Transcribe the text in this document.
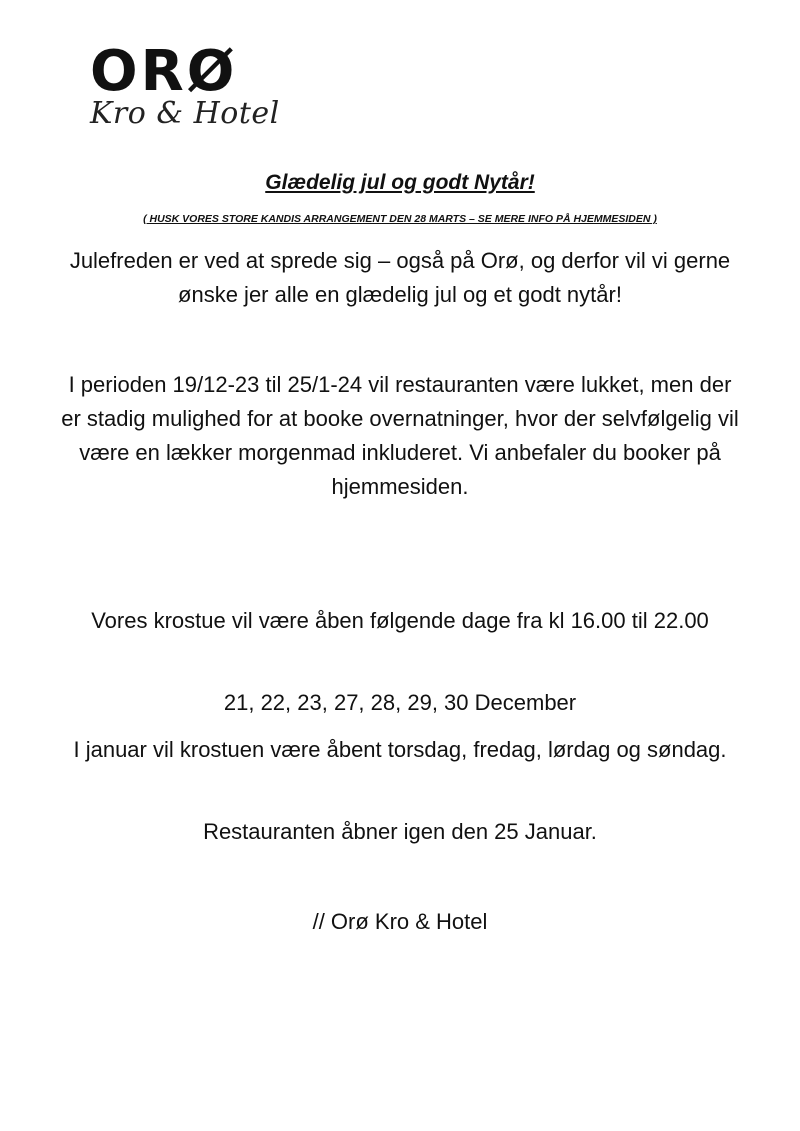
ORØ
Kro & Hotel
Glædelig jul og godt Nytår!
( HUSK VORES STORE KANDIS ARRANGEMENT DEN 28 MARTS – SE MERE INFO PÅ HJEMMESIDEN )

Julefreden er ved at sprede sig – også på Orø, og derfor vil vi gerne ønske jer alle en glædelig jul og et godt nytår!

I perioden 19/12-23 til 25/1-24 vil restauranten være lukket, men der er stadig mulighed for at booke overnatninger, hvor der selvfølgelig vil være en lækker morgenmad inkluderet. Vi anbefaler du booker på hjemmesiden.

Vores krostue vil være åben følgende dage fra kl 16.00 til 22.00

21, 22, 23, 27, 28, 29, 30 December

I januar vil krostuen være åbent torsdag, fredag, lørdag og søndag.

Restauranten åbner igen den 25 Januar.

// Orø Kro & Hotel
